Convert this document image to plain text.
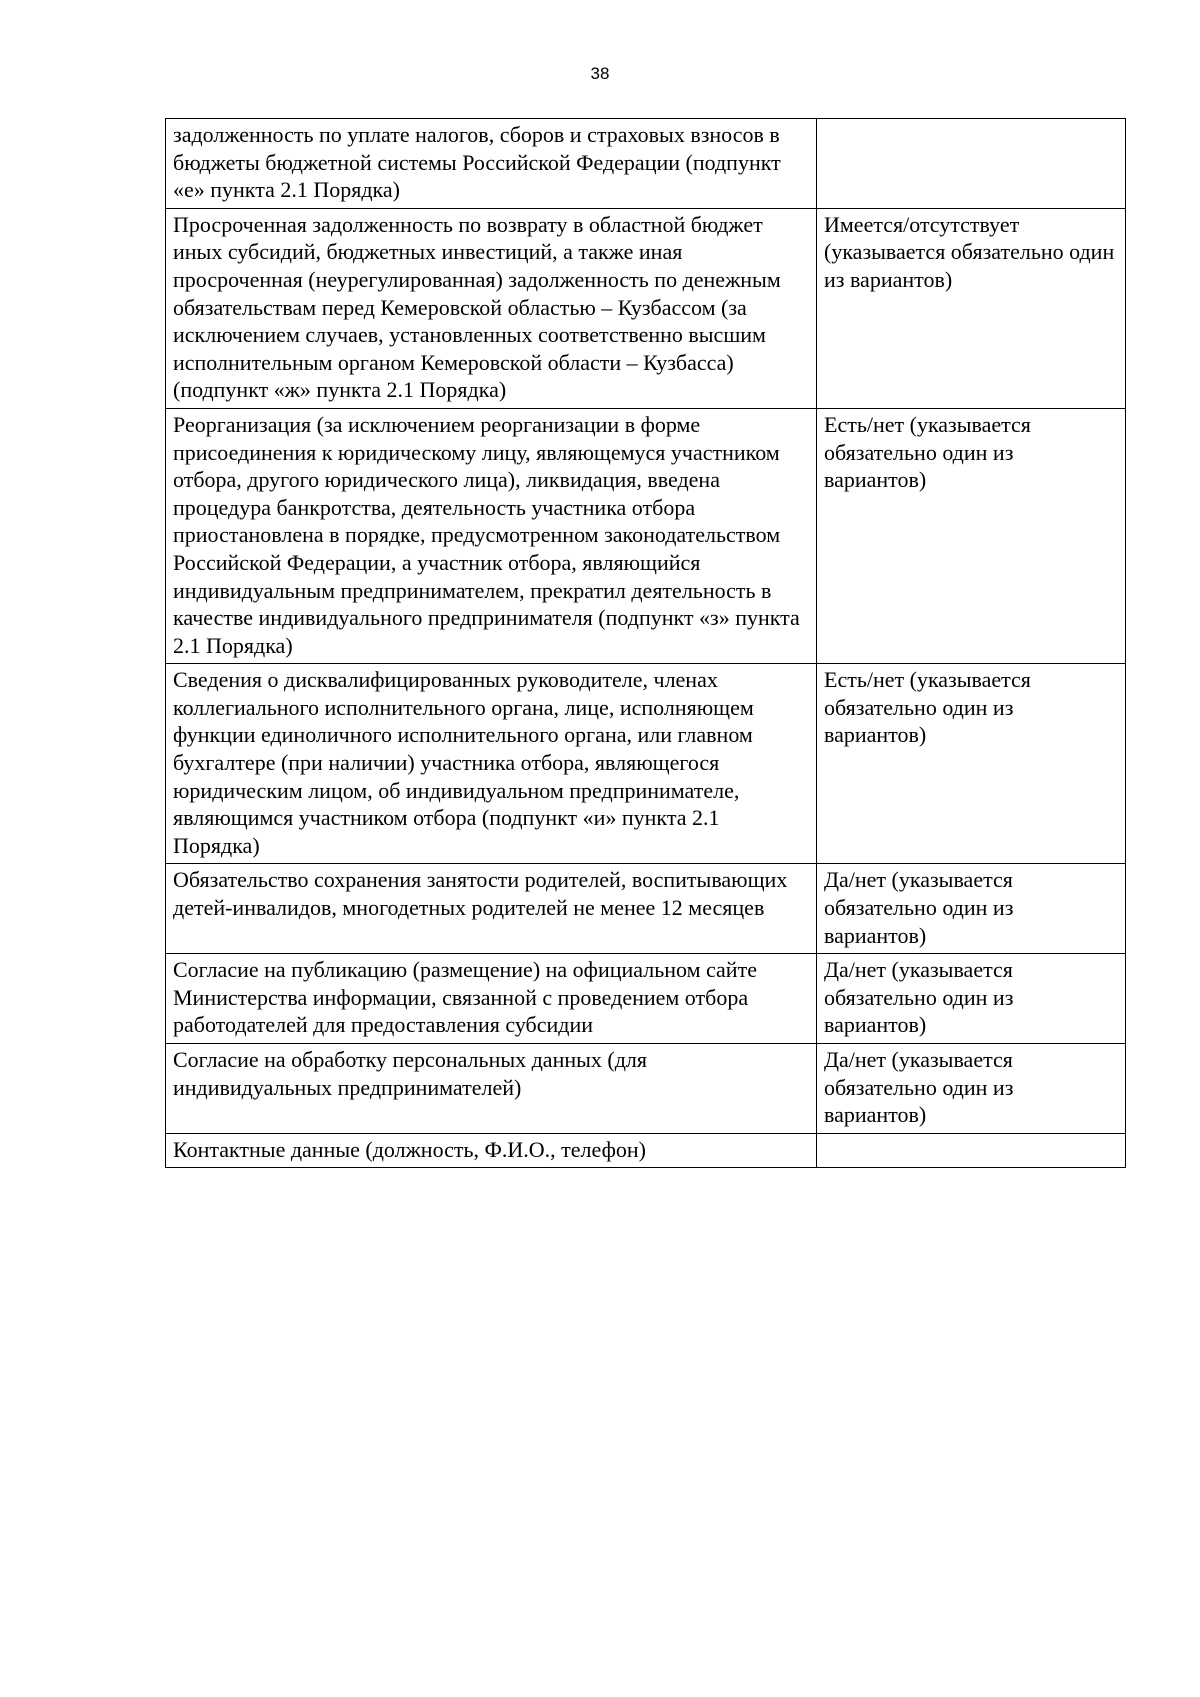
38
задолженность по уплате налогов, сборов и страховых взносов в бюджеты бюджетной системы Российской Федерации (подпункт «е» пункта 2.1 Порядка)	
Просроченная задолженность по возврату в областной бюджет иных субсидий, бюджетных инвестиций, а также иная просроченная (неурегулированная) задолженность по денежным обязательствам перед Кемеровской областью – Кузбассом (за исключением случаев, установленных соответственно высшим исполнительным органом Кемеровской области – Кузбасса) (подпункт «ж» пункта 2.1 Порядка)	Имеется/отсутствует (указывается обязательно один из вариантов)
Реорганизация (за исключением реорганизации в форме присоединения к юридическому лицу, являющемуся участником отбора, другого юридического лица), ликвидация, введена процедура банкротства, деятельность участника отбора приостановлена в порядке, предусмотренном законодательством Российской Федерации, а участник отбора, являющийся индивидуальным предпринимателем, прекратил деятельность в качестве индивидуального предпринимателя (подпункт «з» пункта 2.1 Порядка)	Есть/нет (указывается обязательно один из вариантов)
Сведения о дисквалифицированных руководителе, членах коллегиального исполнительного органа, лице, исполняющем функции единоличного исполнительного органа, или главном бухгалтере (при наличии) участника отбора, являющегося юридическим лицом, об индивидуальном предпринимателе, являющимся участником отбора (подпункт «и» пункта 2.1 Порядка)	Есть/нет (указывается обязательно один из вариантов)
Обязательство сохранения занятости родителей, воспитывающих детей-инвалидов, многодетных родителей не менее 12 месяцев	Да/нет (указывается обязательно один из вариантов)
Согласие на публикацию (размещение) на официальном сайте Министерства информации, связанной с проведением отбора работодателей для предоставления субсидии	Да/нет (указывается обязательно один из вариантов)
Согласие на обработку персональных данных (для индивидуальных предпринимателей)	Да/нет (указывается обязательно один из вариантов)
Контактные данные (должность, Ф.И.О., телефон)	
